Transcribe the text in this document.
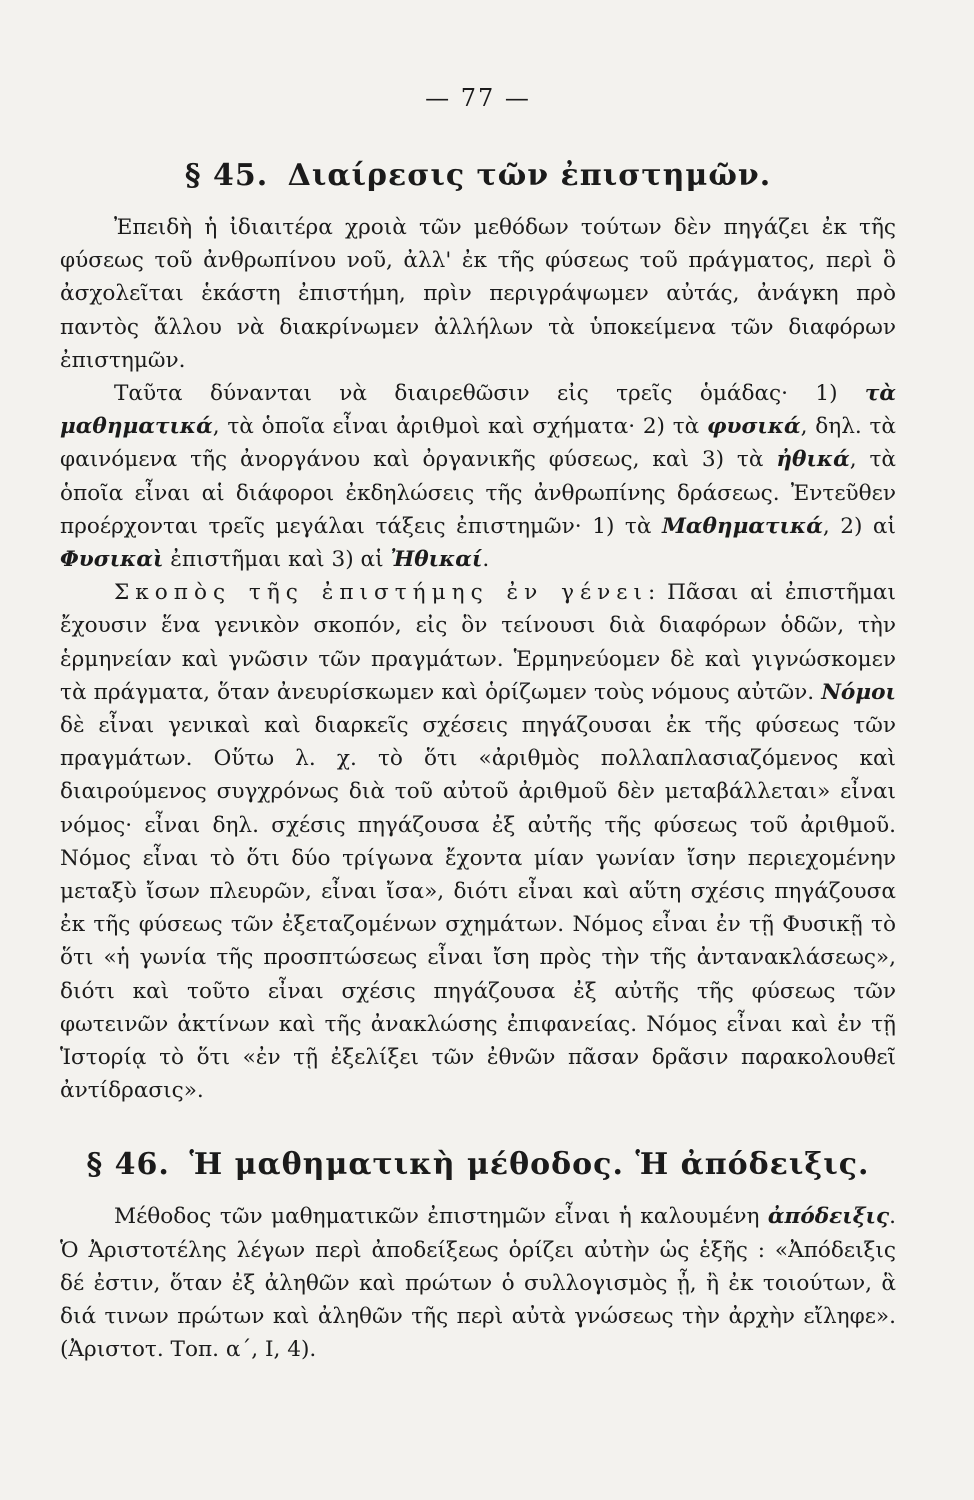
— 77 —
§ 45. Διαίρεσις τῶν ἐπιστημῶν.

Ἐπειδὴ ἡ ἰδιαιτέρα χροιὰ τῶν μεθόδων τούτων δὲν πηγάζει ἐκ τῆς φύσεως τοῦ ἀνθρωπίνου νοῦ, ἀλλ' ἐκ τῆς φύσεως τοῦ πράγματος, περὶ ὃ ἀσχολεῖται ἑκάστη ἐπιστήμη, πρὶν περιγράψωμεν αὐτάς, ἀνάγκη πρὸ παντὸς ἄλλου νὰ διακρίνωμεν ἀλλήλων τὰ ὑποκείμενα τῶν διαφόρων ἐπιστημῶν.

Ταῦτα δύνανται νὰ διαιρεθῶσιν εἰς τρεῖς ὁμάδας· 1) τὰ μαθηματικά, τὰ ὁποῖα εἶναι ἀριθμοὶ καὶ σχήματα· 2) τὰ φυσικά, δηλ. τὰ φαινόμενα τῆς ἀνοργάνου καὶ ὀργανικῆς φύσεως, καὶ 3) τὰ ἠθικά, τὰ ὁποῖα εἶναι αἱ διάφοροι ἐκδηλώσεις τῆς ἀνθρωπίνης δράσεως. Ἐντεῦθεν προέρχονται τρεῖς μεγάλαι τάξεις ἐπιστημῶν· 1) τὰ Μαθηματικά, 2) αἱ Φυσικαὶ ἐπιστῆμαι καὶ 3) αἱ Ἠθικαί.

Σκοπὸς τῆς ἐπιστήμης ἐν γένει: Πᾶσαι αἱ ἐπιστῆμαι ἔχουσιν ἕνα γενικὸν σκοπόν, εἰς ὃν τείνουσι διὰ διαφόρων ὁδῶν, τὴν ἑρμηνείαν καὶ γνῶσιν τῶν πραγμάτων. Ἑρμηνεύομεν δὲ καὶ γιγνώσκομεν τὰ πράγματα, ὅταν ἀνευρίσκωμεν καὶ ὁρίζωμεν τοὺς νόμους αὐτῶν. Νόμοι δὲ εἶναι γενικαὶ καὶ διαρκεῖς σχέσεις πηγάζουσαι ἐκ τῆς φύσεως τῶν πραγμάτων. Οὕτω λ. χ. τὸ ὅτι «ἀριθμὸς πολλαπλασιαζόμενος καὶ διαιρούμενος συγχρόνως διὰ τοῦ αὐτοῦ ἀριθμοῦ δὲν μεταβάλλεται» εἶναι νόμος· εἶναι δηλ. σχέσις πηγάζουσα ἐξ αὐτῆς τῆς φύσεως τοῦ ἀριθμοῦ. Νόμος εἶναι τὸ ὅτι δύο τρίγωνα ἔχοντα μίαν γωνίαν ἴσην περιεχομένην μεταξὺ ἴσων πλευρῶν, εἶναι ἴσα», διότι εἶναι καὶ αὕτη σχέσις πηγάζουσα ἐκ τῆς φύσεως τῶν ἐξεταζομένων σχημάτων. Νόμος εἶναι ἐν τῇ Φυσικῇ τὸ ὅτι «ἡ γωνία τῆς προσπτώσεως εἶναι ἴση πρὸς τὴν τῆς ἀντανακλάσεως», διότι καὶ τοῦτο εἶναι σχέσις πηγάζουσα ἐξ αὐτῆς τῆς φύσεως τῶν φωτεινῶν ἀκτίνων καὶ τῆς ἀνακλώσης ἐπιφανείας. Νόμος εἶναι καὶ ἐν τῇ Ἱστορίᾳ τὸ ὅτι «ἐν τῇ ἐξελίξει τῶν ἐθνῶν πᾶσαν δρᾶσιν παρακολουθεῖ ἀντίδρασις».

§ 46. Ἡ μαθηματικὴ μέθοδος. Ἡ ἀπόδειξις.

Μέθοδος τῶν μαθηματικῶν ἐπιστημῶν εἶναι ἡ καλουμένη ἀπόδειξις. Ὁ Ἀριστοτέλης λέγων περὶ ἀποδείξεως ὁρίζει αὐτὴν ὡς ἑξῆς : «Ἀπόδειξις δέ ἐστιν, ὅταν ἐξ ἀληθῶν καὶ πρώτων ὁ συλλογισμὸς ᾖ, ἢ ἐκ τοιούτων, ἃ διά τινων πρώτων καὶ ἀληθῶν τῆς περὶ αὐτὰ γνώσεως τὴν ἀρχὴν εἴληφε». (Ἀριστοτ. Τοπ. α΄, Ι, 4).
